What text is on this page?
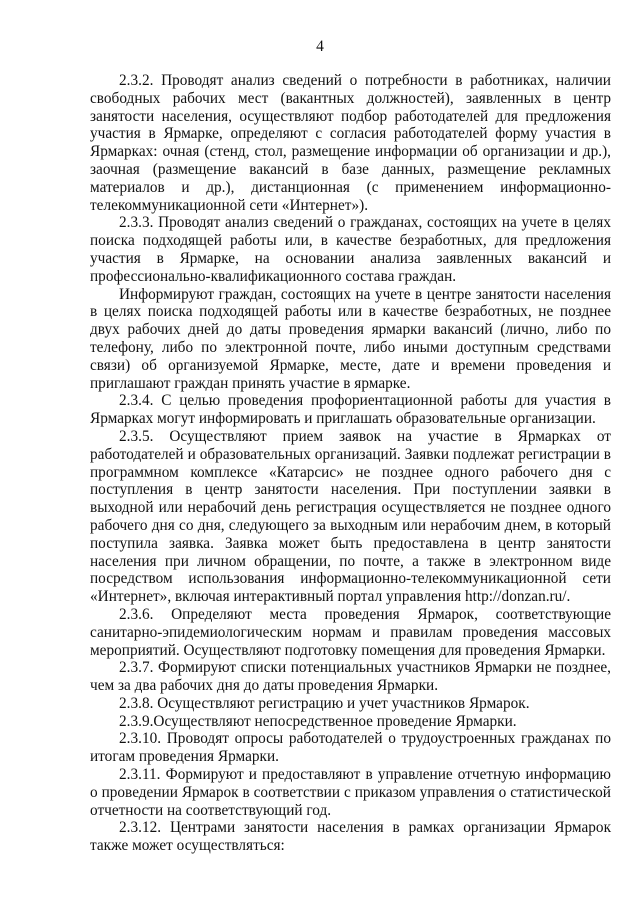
4

2.3.2. Проводят анализ сведений о потребности в работниках, наличии свободных рабочих мест (вакантных должностей), заявленных в центр занятости населения, осуществляют подбор работодателей для предложения участия в Ярмарке, определяют с согласия работодателей форму участия в Ярмарках: очная (стенд, стол, размещение информации об организации и др.), заочная (размещение вакансий в базе данных, размещение рекламных материалов и др.), дистанционная (с применением информационно-телекоммуникационной сети «Интернет»).

2.3.3. Проводят анализ сведений о гражданах, состоящих на учете в целях поиска подходящей работы или, в качестве безработных, для предложения участия в Ярмарке, на основании анализа заявленных вакансий и профессионально-квалификационного состава граждан.

Информируют граждан, состоящих на учете в центре занятости населения в целях поиска подходящей работы или в качестве безработных, не позднее двух рабочих дней до даты проведения ярмарки вакансий (лично, либо по телефону, либо по электронной почте, либо иными доступным средствами связи) об организуемой Ярмарке, месте, дате и времени проведения и приглашают граждан принять участие в ярмарке.

2.3.4. С целью проведения профориентационной работы для участия в Ярмарках могут информировать и приглашать образовательные организации.

2.3.5. Осуществляют прием заявок на участие в Ярмарках от работодателей и образовательных организаций. Заявки подлежат регистрации в программном комплексе «Катарсис» не позднее одного рабочего дня с поступления в центр занятости населения. При поступлении заявки в выходной или нерабочий день регистрация осуществляется не позднее одного рабочего дня со дня, следующего за выходным или нерабочим днем, в который поступила заявка. Заявка может быть предоставлена в центр занятости населения при личном обращении, по почте, а также в электронном виде посредством использования информационно-телекоммуникационной сети «Интернет», включая интерактивный портал управления http://donzan.ru/.

2.3.6. Определяют места проведения Ярмарок, соответствующие санитарно-эпидемиологическим нормам и правилам проведения массовых мероприятий. Осуществляют подготовку помещения для проведения Ярмарки.

2.3.7. Формируют списки потенциальных участников Ярмарки не позднее, чем за два рабочих дня до даты проведения Ярмарки.

2.3.8. Осуществляют регистрацию и учет участников Ярмарок.

2.3.9.Осуществляют непосредственное проведение Ярмарки.

2.3.10. Проводят опросы работодателей о трудоустроенных гражданах по итогам проведения Ярмарки.

2.3.11. Формируют и предоставляют в управление отчетную информацию о проведении Ярмарок в соответствии с приказом управления о статистической отчетности на соответствующий год.

2.3.12. Центрами занятости населения в рамках организации Ярмарок также может осуществляться:
